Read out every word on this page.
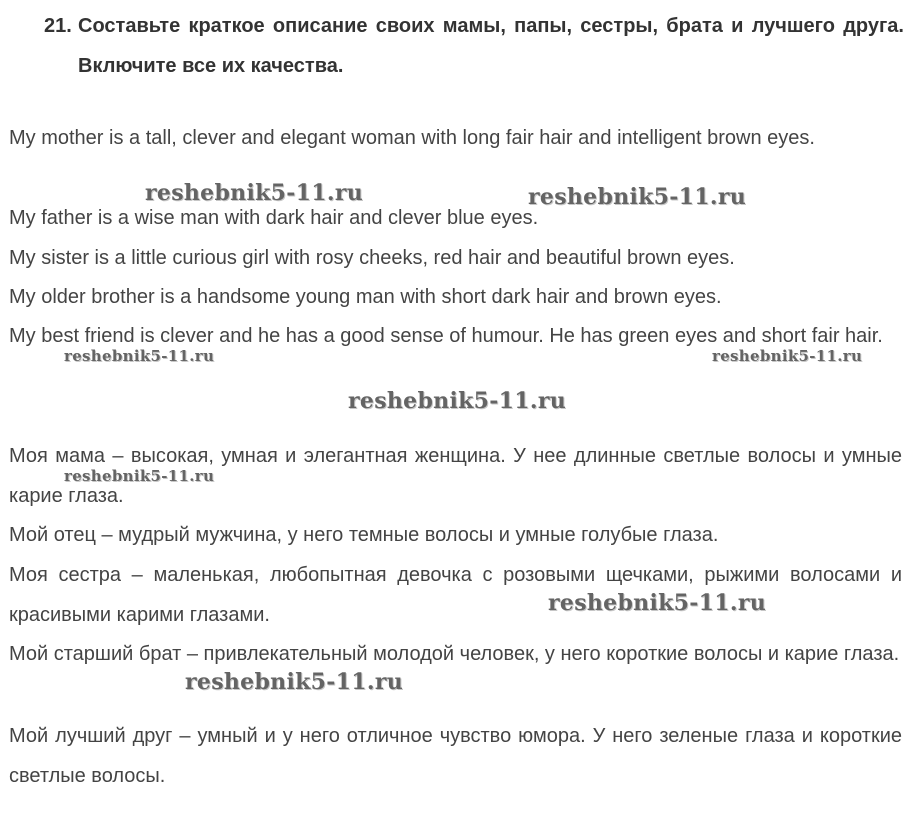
21. Составьте краткое описание своих мамы, папы, сестры, брата и лучшего друга. Включите все их качества.

My mother is a tall, clever and elegant woman with long fair hair and intelligent brown eyes.

My father is a wise man with dark hair and clever blue eyes.

My sister is a little curious girl with rosy cheeks, red hair and beautiful brown eyes.

My older brother is a handsome young man with short dark hair and brown eyes.

My best friend is clever and he has a good sense of humour. He has green eyes and short fair hair.

Моя мама – высокая, умная и элегантная женщина. У нее длинные светлые волосы и умные карие глаза.

Мой отец – мудрый мужчина, у него темные волосы и умные голубые глаза.

Моя сестра – маленькая, любопытная девочка с розовыми щечками, рыжими волосами и красивыми карими глазами.

Мой старший брат – привлекательный молодой человек, у него короткие волосы и карие глаза.

Мой лучший друг – умный и у него отличное чувство юмора. У него зеленые глаза и короткие светлые волосы.

reshebnik5-11.ru	reshebnik5-11.ru
reshebnik5-11.ru	reshebnik5-11.ru
reshebnik5-11.ru
reshebnik5-11.ru
reshebnik5-11.ru
reshebnik5-11.ru
